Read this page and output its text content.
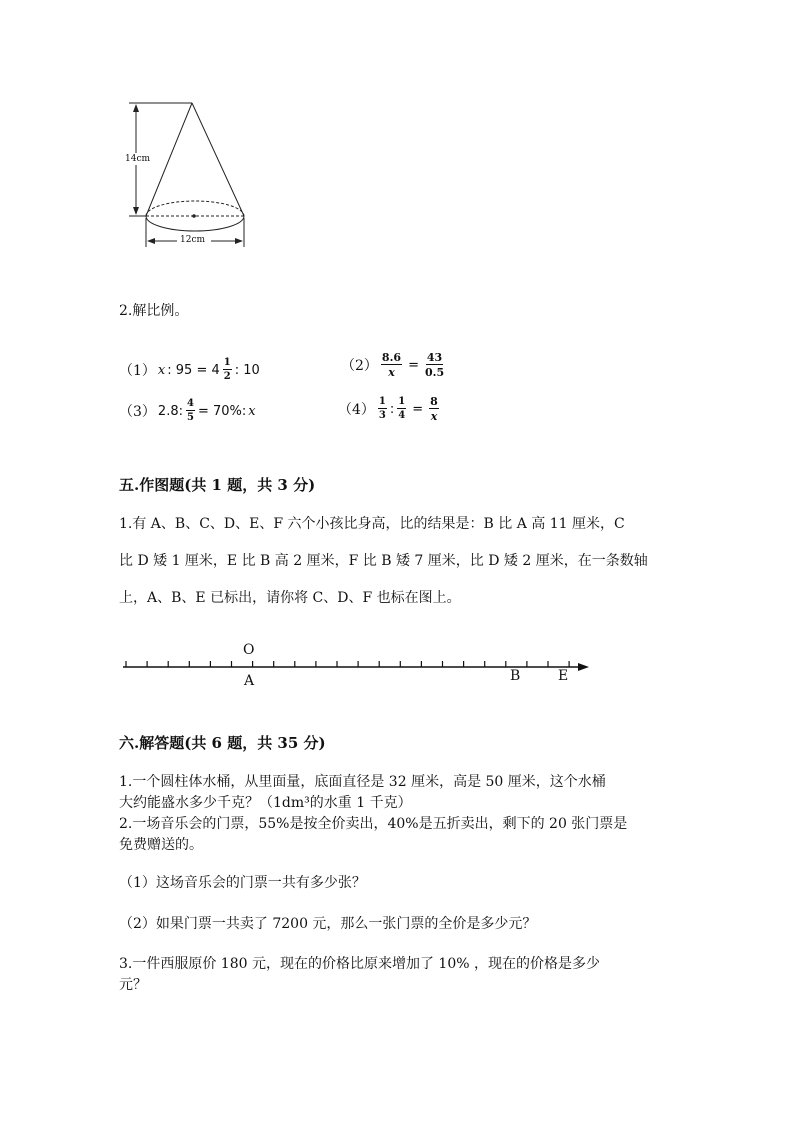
14cm
12cm
2.解比例。
（1） x : $95 = 4 \frac{1}{2}$ : 10	$(2) \frac{8.6}{x} = \frac{43}{0.5}$
（3） 2.8: $\frac{4}{5} = 70\%$: x	$(4) \frac{1}{3}$ : $\frac{1}{4} = \frac{8}{x}$
五.作图题(共 1 题，共 3 分)
1.有 A、B、C、D、E、F 六个小孩比身高，比的结果是：B 比 A 高 11 厘米，C
比 D 矮 1 厘米，E 比 B 高 2 厘米，F 比 B 矮 7 厘米，比 D 矮 2 厘米，在一条数轴
上，A、B、E 已标出，请你将 C、D、F 也标在图上。
O
A	B	E
六.解答题(共 6 题，共 35 分)
1.一个圆柱体水桶，从里面量，底面直径是 32 厘米，高是 50 厘米，这个水桶
大约能盛水多少千克？（1dm³的水重 1 千克）
2.一场音乐会的门票，55%是按全价卖出，40%是五折卖出，剩下的 20 张门票是
免费赠送的。
（1）这场音乐会的门票一共有多少张？
（2）如果门票一共卖了 7200 元，那么一张门票的全价是多少元？
3.一件西服原价 180 元，现在的价格比原来增加了 10% ，现在的价格是多少
元？
